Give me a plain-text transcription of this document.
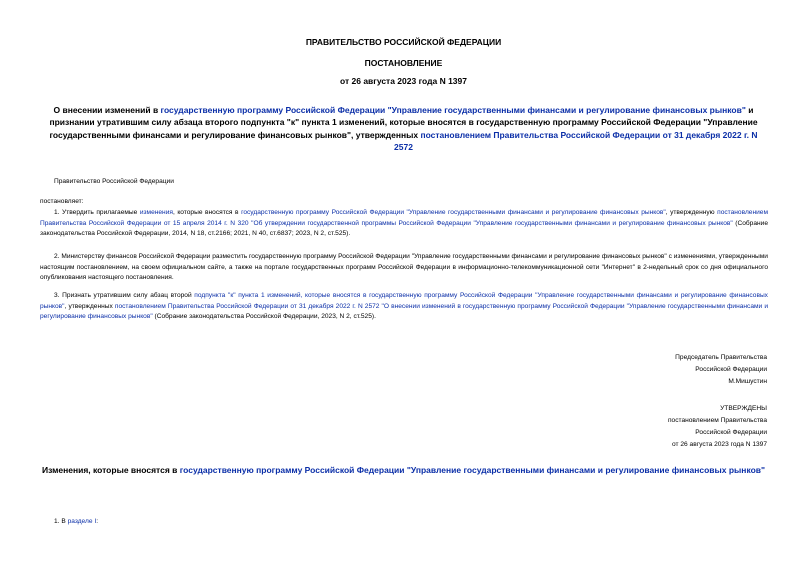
ПРАВИТЕЛЬСТВО РОССИЙСКОЙ ФЕДЕРАЦИИ
ПОСТАНОВЛЕНИЕ
от 26 августа 2023 года N 1397
О внесении изменений в государственную программу Российской Федерации "Управление государственными финансами и регулирование финансовых рынков" и признании утратившим силу абзаца второго подпункта "к" пункта 1 изменений, которые вносятся в государственную программу Российской Федерации "Управление государственными финансами и регулирование финансовых рынков", утвержденных постановлением Правительства Российской Федерации от 31 декабря 2022 г. N 2572
Правительство Российской Федерации
постановляет:
1. Утвердить прилагаемые изменения, которые вносятся в государственную программу Российской Федерации "Управление государственными финансами и регулирование финансовых рынков", утвержденную постановлением Правительства Российской Федерации от 15 апреля 2014 г. N 320 "Об утверждении государственной программы Российской Федерации "Управление государственными финансами и регулирование финансовых рынков" (Собрание законодательства Российской Федерации, 2014, N 18, ст.2166; 2021, N 40, ст.6837; 2023, N 2, ст.525).
2. Министерству финансов Российской Федерации разместить государственную программу Российской Федерации "Управление государственными финансами и регулирование финансовых рынков" с изменениями, утвержденными настоящим постановлением, на своем официальном сайте, а также на портале государственных программ Российской Федерации в информационно-телекоммуникационной сети "Интернет" в 2-недельный срок со дня официального опубликования настоящего постановления.
3. Признать утратившим силу абзац второй подпункта "к" пункта 1 изменений, которые вносятся в государственную программу Российской Федерации "Управление государственными финансами и регулирование финансовых рынков", утвержденных постановлением Правительства Российской Федерации от 31 декабря 2022 г. N 2572 "О внесении изменений в государственную программу Российской Федерации "Управление государственными финансами и регулирование финансовых рынков" (Собрание законодательства Российской Федерации, 2023, N 2, ст.525).
Председатель Правительства
Российской Федерации
М.Мишустин
УТВЕРЖДЕНЫ
постановлением Правительства
Российской Федерации
от 26 августа 2023 года N 1397
Изменения, которые вносятся в государственную программу Российской Федерации "Управление государственными финансами и регулирование финансовых рынков"
1. В разделе I:
